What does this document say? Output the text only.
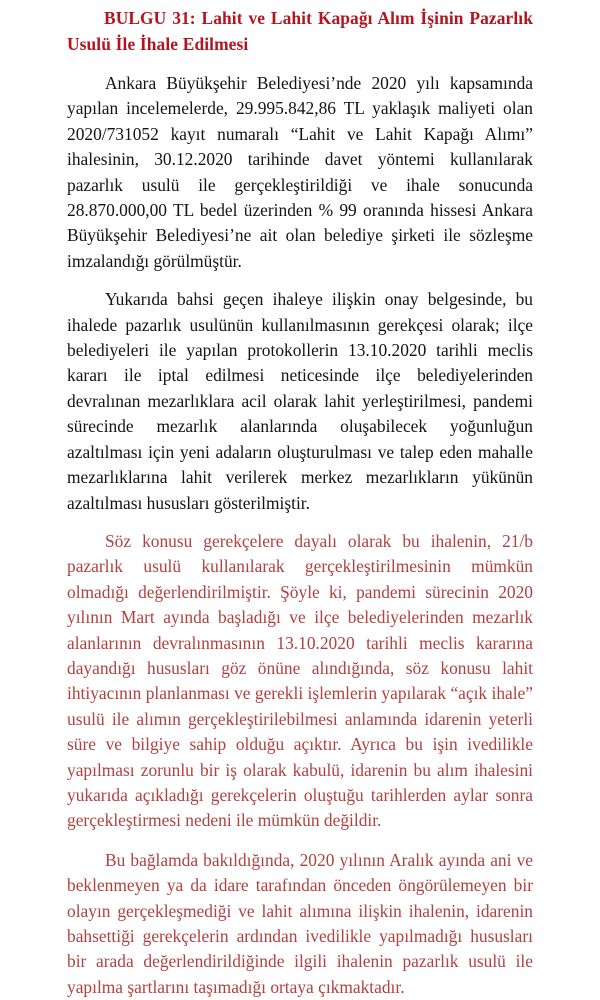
BULGU 31: Lahit ve Lahit Kapağı Alım İşinin Pazarlık Usulü İle İhale Edilmesi

Ankara Büyükşehir Belediyesi’nde 2020 yılı kapsamında yapılan incelemelerde, 29.995.842,86 TL yaklaşık maliyeti olan 2020/731052 kayıt numaralı “Lahit ve Lahit Kapağı Alımı” ihalesinin, 30.12.2020 tarihinde davet yöntemi kullanılarak pazarlık usulü ile gerçekleştirildiği ve ihale sonucunda 28.870.000,00 TL bedel üzerinden % 99 oranında hissesi Ankara Büyükşehir Belediyesi’ne ait olan belediye şirketi ile sözleşme imzalandığı görülmüştür.

Yukarıda bahsi geçen ihaleye ilişkin onay belgesinde, bu ihalede pazarlık usulünün kullanılmasının gerekçesi olarak; ilçe belediyeleri ile yapılan protokollerin 13.10.2020 tarihli meclis kararı ile iptal edilmesi neticesinde ilçe belediyelerinden devralınan mezarlıklara acil olarak lahit yerleştirilmesi, pandemi sürecinde mezarlık alanlarında oluşabilecek yoğunluğun azaltılması için yeni adaların oluşturulması ve talep eden mahalle mezarlıklarına lahit verilerek merkez mezarlıkların yükünün azaltılması hususları gösterilmiştir.

Söz konusu gerekçelere dayalı olarak bu ihalenin, 21/b pazarlık usulü kullanılarak gerçekleştirilmesinin mümkün olmadığı değerlendirilmiştir. Şöyle ki, pandemi sürecinin 2020 yılının Mart ayında başladığı ve ilçe belediyelerinden mezarlık alanlarının devralınmasının 13.10.2020 tarihli meclis kararına dayandığı hususları göz önüne alındığında, söz konusu lahit ihtiyacının planlanması ve gerekli işlemlerin yapılarak “açık ihale” usulü ile alımın gerçekleştirilebilmesi anlamında idarenin yeterli süre ve bilgiye sahip olduğu açıktır. Ayrıca bu işin ivedilikle yapılması zorunlu bir iş olarak kabulü, idarenin bu alım ihalesini yukarıda açıkladığı gerekçelerin oluştuğu tarihlerden aylar sonra gerçekleştirmesi nedeni ile mümkün değildir.

Bu bağlamda bakıldığında, 2020 yılının Aralık ayında ani ve beklenmeyen ya da idare tarafından önceden öngörülemeyen bir olayın gerçekleşmediği ve lahit alımına ilişkin ihalenin, idarenin bahsettiği gerekçelerin ardından ivedilikle yapılmadığı hususları bir arada değerlendirildiğinde ilgili ihalenin pazarlık usulü ile yapılma şartlarını taşımadığı ortaya çıkmaktadır.
